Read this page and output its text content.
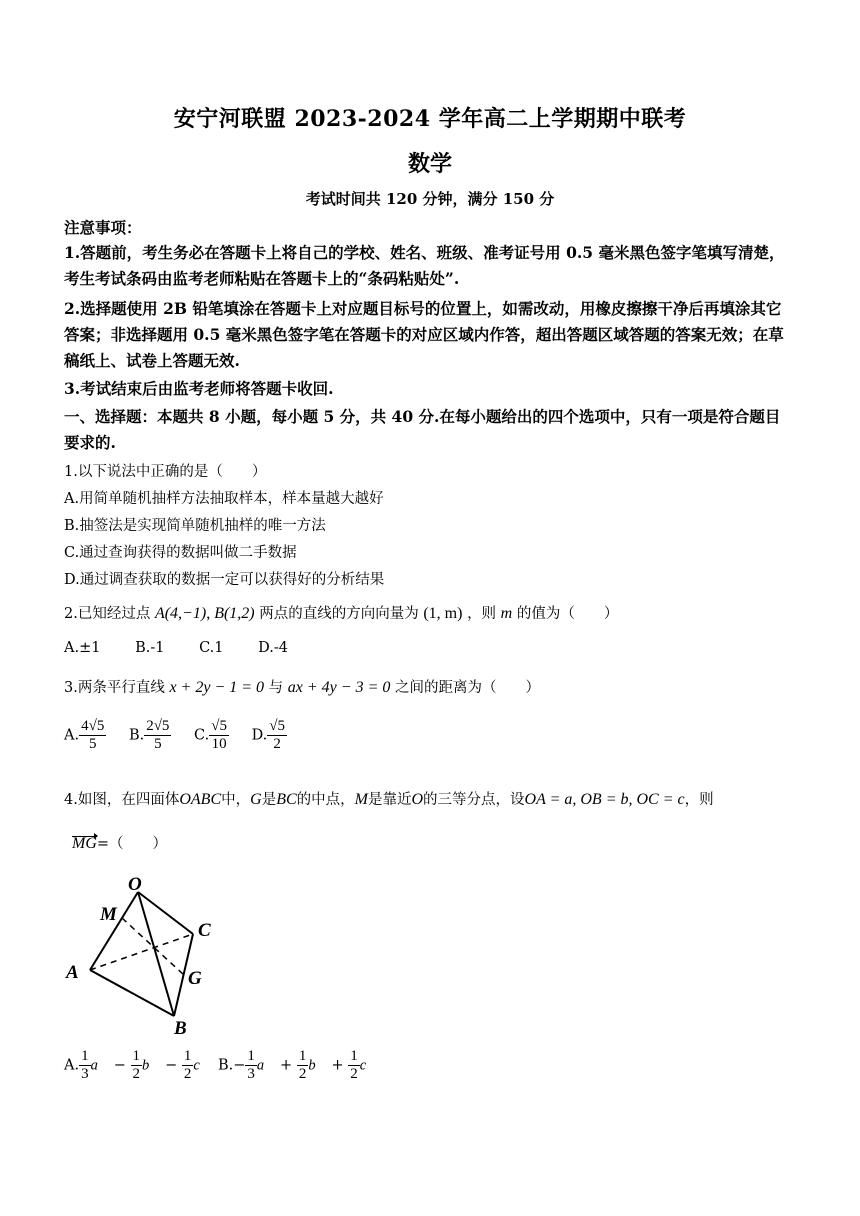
安宁河联盟 2023-2024 学年高二上学期期中联考
数学
考试时间共 120 分钟，满分 150 分
注意事项：
1.答题前，考生务必在答题卡上将自己的学校、姓名、班级、准考证号用 0.5 毫米黑色签字笔填写清楚，考生考试条码由监考老师粘贴在答题卡上的“条码粘贴处”.
2.选择题使用 2B 铅笔填涂在答题卡上对应题目标号的位置上，如需改动，用橡皮擦擦干净后再填涂其它答案；非选择题用 0.5 毫米黑色签字笔在答题卡的对应区域内作答，超出答题区域答题的答案无效；在草稿纸上、试卷上答题无效.
3.考试结束后由监考老师将答题卡收回.
一、选择题：本题共 8 小题，每小题 5 分，共 40 分.在每小题给出的四个选项中，只有一项是符合题目要求的.
1.以下说法中正确的是（　　）
A.用简单随机抽样方法抽取样本，样本量越大越好
B.抽签法是实现简单随机抽样的唯一方法
C.通过查询获得的数据叫做二手数据
D.通过调查获取的数据一定可以获得好的分析结果
2.已知经过点 A(4,−1), B(1,2) 两点的直线的方向向量为 (1, m) ，则 m 的值为（　　）
A.±1 B.-1 C.1 D.-4
3.两条平行直线 x + 2y − 1 = 0 与 ax + 4y − 3 = 0 之间的距离为（　　）
A. $\frac{4√5}{5} B$. $\frac{2√5}{5} C$. $\frac{√5}{10} D$. $\frac{√5}{2}$
4.如图，在四面体OABC中，G是BC的中点，M是靠近O的三等分点，设OA = a, OB = b, OC = c，则
MG=（　　）
O
M
C
A	G
B
A. $\frac{1}{3}$ a⃗ − $\frac{1}{2}$ b⃗ − $\frac{1}{2}$ c⃗ $B.- \frac{1}{3}$ a⃗ + $\frac{1}{2}$ b⃗ + $\frac{1}{2}$ c⃗
